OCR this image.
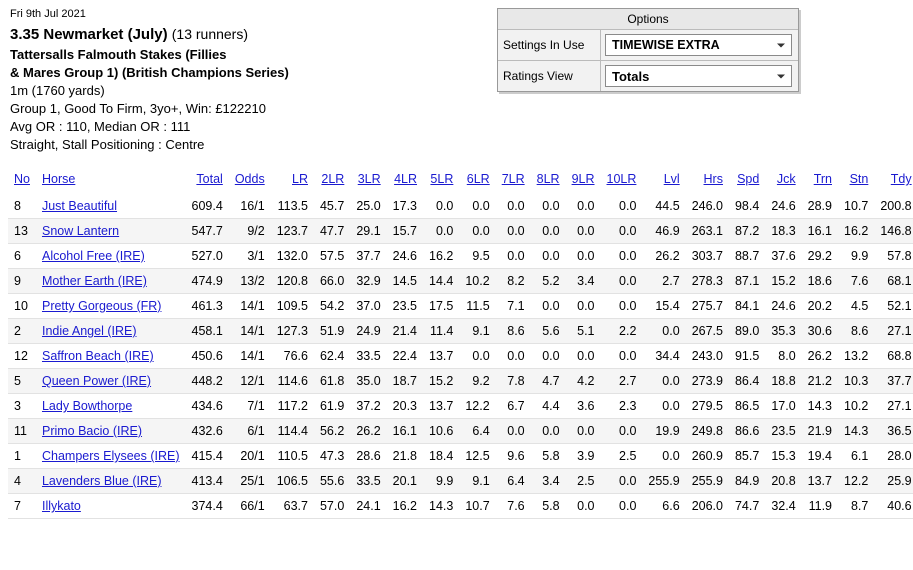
Fri 9th Jul 2021
3.35 Newmarket (July) (13 runners)
Tattersalls Falmouth Stakes (Fillies
& Mares Group 1) (British Champions Series)
1m (1760 yards)
Group 1, Good To Firm, 3yo+, Win: £122210
Avg OR : 110, Median OR : 111
Straight, Stall Positioning : Centre
Options
Settings In Use	TIMEWISE EXTRA
Ratings View	Totals
No	Horse	Total	Odds	LR	2LR	3LR	4LR	5LR	6LR	7LR	8LR	9LR	10LR	Lvl	Hrs	Spd	Jck	Trn	Stn	Tdy
8	Just Beautiful	609.4	16/1	113.5	45.7	25.0	17.3	0.0	0.0	0.0	0.0	0.0	0.0	44.5	246.0	98.4	24.6	28.9	10.7	200.8
13	Snow Lantern	547.7	9/2	123.7	47.7	29.1	15.7	0.0	0.0	0.0	0.0	0.0	0.0	46.9	263.1	87.2	18.3	16.1	16.2	146.8
6	Alcohol Free (IRE)	527.0	3/1	132.0	57.5	37.7	24.6	16.2	9.5	0.0	0.0	0.0	0.0	26.2	303.7	88.7	37.6	29.2	9.9	57.8
9	Mother Earth (IRE)	474.9	13/2	120.8	66.0	32.9	14.5	14.4	10.2	8.2	5.2	3.4	0.0	2.7	278.3	87.1	15.2	18.6	7.6	68.1
10	Pretty Gorgeous (FR)	461.3	14/1	109.5	54.2	37.0	23.5	17.5	11.5	7.1	0.0	0.0	0.0	15.4	275.7	84.1	24.6	20.2	4.5	52.1
2	Indie Angel (IRE)	458.1	14/1	127.3	51.9	24.9	21.4	11.4	9.1	8.6	5.6	5.1	2.2	0.0	267.5	89.0	35.3	30.6	8.6	27.1
12	Saffron Beach (IRE)	450.6	14/1	76.6	62.4	33.5	22.4	13.7	0.0	0.0	0.0	0.0	0.0	34.4	243.0	91.5	8.0	26.2	13.2	68.8
5	Queen Power (IRE)	448.2	12/1	114.6	61.8	35.0	18.7	15.2	9.2	7.8	4.7	4.2	2.7	0.0	273.9	86.4	18.8	21.2	10.3	37.7
3	Lady Bowthorpe	434.6	7/1	117.2	61.9	37.2	20.3	13.7	12.2	6.7	4.4	3.6	2.3	0.0	279.5	86.5	17.0	14.3	10.2	27.1
11	Primo Bacio (IRE)	432.6	6/1	114.4	56.2	26.2	16.1	10.6	6.4	0.0	0.0	0.0	0.0	19.9	249.8	86.6	23.5	21.9	14.3	36.5
1	Champers Elysees (IRE)	415.4	20/1	110.5	47.3	28.6	21.8	18.4	12.5	9.6	5.8	3.9	2.5	0.0	260.9	85.7	15.3	19.4	6.1	28.0
4	Lavenders Blue (IRE)	413.4	25/1	106.5	55.6	33.5	20.1	9.9	9.1	6.4	3.4	2.5	0.0	255.9	255.9	84.9	20.8	13.7	12.2	25.9
7	Illykato	374.4	66/1	63.7	57.0	24.1	16.2	14.3	10.7	7.6	5.8	0.0	0.0	6.6	206.0	74.7	32.4	11.9	8.7	40.6
